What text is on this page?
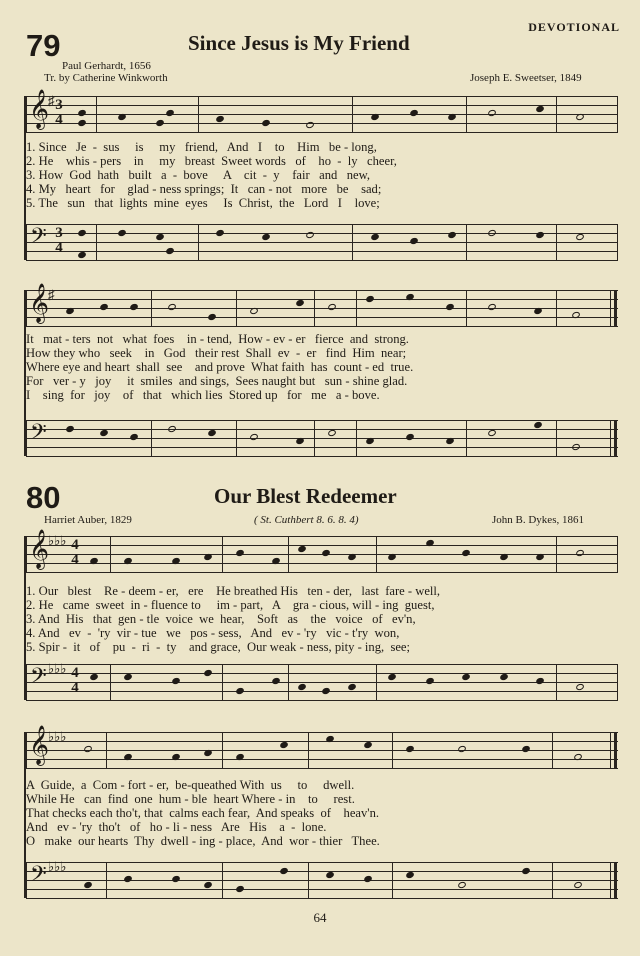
DEVOTIONAL
79	Since Jesus is My Friend
Paul Gerhardt, 1656
Tr. by Catherine Winkworth	Joseph E. Sweetser, 1849
𝄞
♯ 3
4
1. Since   Je  -  sus     is     my   friend,   And   I    to    Him   be - long,
2. He    whis - pers    in     my   breast  Sweet words   of    ho  -  ly   cheer,
3. How  God  hath   built   a  -  bove     A    cit  -  y    fair   and   new,
4. My   heart   for    glad - ness springs;  It   can - not   more   be    sad;
5. The   sun   that  lights  mine  eyes     Is  Christ,  the   Lord   I    love;
𝄢 3
4
𝄞
♯
It   mat - ters  not   what  foes    in - tend,  How - ev - er   fierce  and  strong.
How they who   seek    in   God   their rest  Shall  ev  -  er   find  Him  near;
Where eye and heart  shall  see    and prove  What faith  has  count - ed  true.
For   ver - y   joy     it  smiles  and sings,  Sees naught but   sun - shine glad.
I    sing  for   joy    of   that   which lies  Stored up   for   me   a - bove.
𝄢
80	Our Blest Redeemer
Harriet Auber, 1829	( St. Cuthbert 8. 6. 8. 4)	John B. Dykes, 1861
𝄞
♭♭♭ 4
4
1. Our   blest    Re - deem - er,   ere    He breathed His   ten - der,   last  fare - well,
2. He   came  sweet  in - fluence to     im - part,   A    gra - cious, will - ing  guest,
3. And  His   that  gen - tle  voice  we  hear,    Soft   as    the   voice   of   ev'n,
4. And   ev  -  'ry  vir - tue   we   pos - sess,   And   ev - 'ry   vic - t'ry  won,
5. Spir -  it   of    pu  -  ri  -  ty    and grace,  Our weak - ness, pity - ing,  see;
𝄢 ♭♭♭ 4
4
𝄞
♭♭♭
A  Guide,  a  Com - fort - er,  be-queathed With  us     to     dwell.
While He   can  find  one  hum - ble  heart Where - in    to     rest.
That checks each tho't, that  calms each fear,  And speaks  of    heav'n.
And   ev - 'ry  tho't   of   ho - li - ness   Are   His    a  -  lone.
O   make  our hearts  Thy  dwell - ing - place,  And  wor - thier   Thee.
𝄢 ♭♭♭
64
